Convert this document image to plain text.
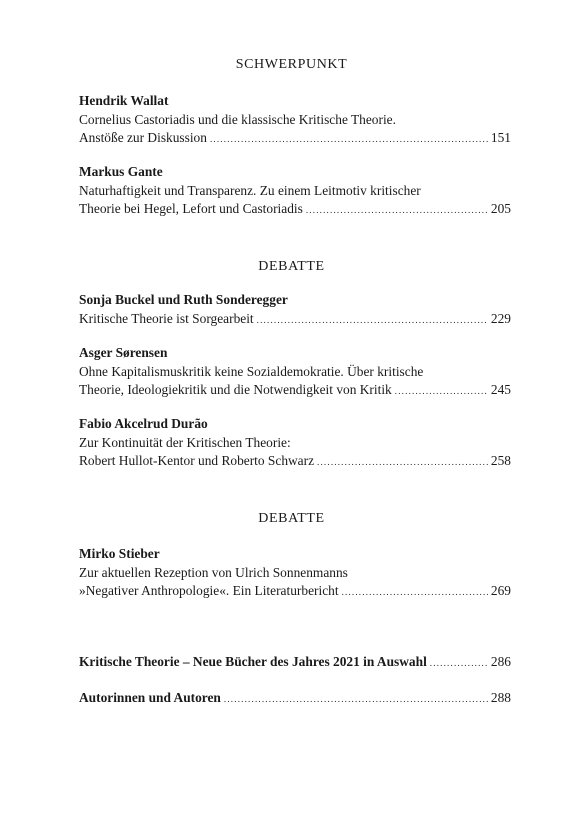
SCHWERPUNKT
Hendrik Wallat
Cornelius Castoriadis und die klassische Kritische Theorie.
Anstöße zur Diskussion .....	151
Markus Gante
Naturhaftigkeit und Transparenz. Zu einem Leitmotiv kritischer
Theorie bei Hegel, Lefort und Castoriadis .....	205
DEBATTE
Sonja Buckel und Ruth Sonderegger
Kritische Theorie ist Sorgearbeit .....	229
Asger Sørensen
Ohne Kapitalismuskritik keine Sozialdemokratie. Über kritische
Theorie, Ideologiekritik und die Notwendigkeit von Kritik .....	245
Fabio Akcelrud Durão
Zur Kontinuität der Kritischen Theorie:
Robert Hullot-Kentor und Roberto Schwarz .....	258
DEBATTE
Mirko Stieber
Zur aktuellen Rezeption von Ulrich Sonnenmanns
»Negativer Anthropologie«. Ein Literaturbericht .....	269
Kritische Theorie – Neue Bücher des Jahres 2021 in Auswahl .....	286
Autorinnen und Autoren .....	288
